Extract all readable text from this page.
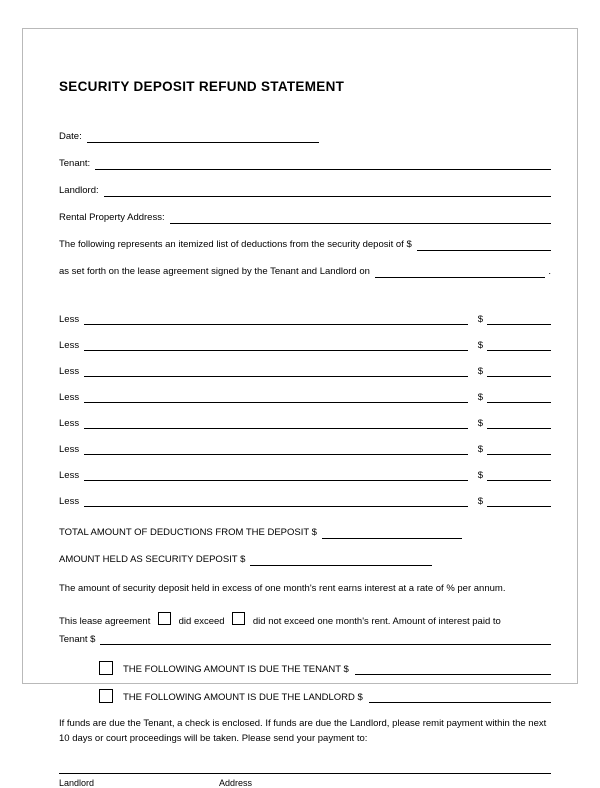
SECURITY DEPOSIT REFUND STATEMENT
Date:
Tenant:
Landlord:
Rental Property Address:
The following represents an itemized list of deductions from the security deposit of $
as set forth on the lease agreement signed by the Tenant and Landlord on	.
Less	$
Less	$
Less	$
Less	$
Less	$
Less	$
Less	$
Less	$
TOTAL AMOUNT OF DEDUCTIONS FROM THE DEPOSIT $
AMOUNT HELD AS SECURITY DEPOSIT $
The amount of security deposit held in excess of one month's rent earns interest at a rate of % per annum.
This lease agreement	did exceed	did not exceed one month's rent. Amount of interest paid to
Tenant $
THE FOLLOWING AMOUNT IS DUE THE TENANT $
THE FOLLOWING AMOUNT IS DUE THE LANDLORD $
If funds are due the Tenant, a check is enclosed. If funds are due the Landlord, please remit payment within the next 10 days or court proceedings will be taken. Please send your payment to:
Landlord	Address
